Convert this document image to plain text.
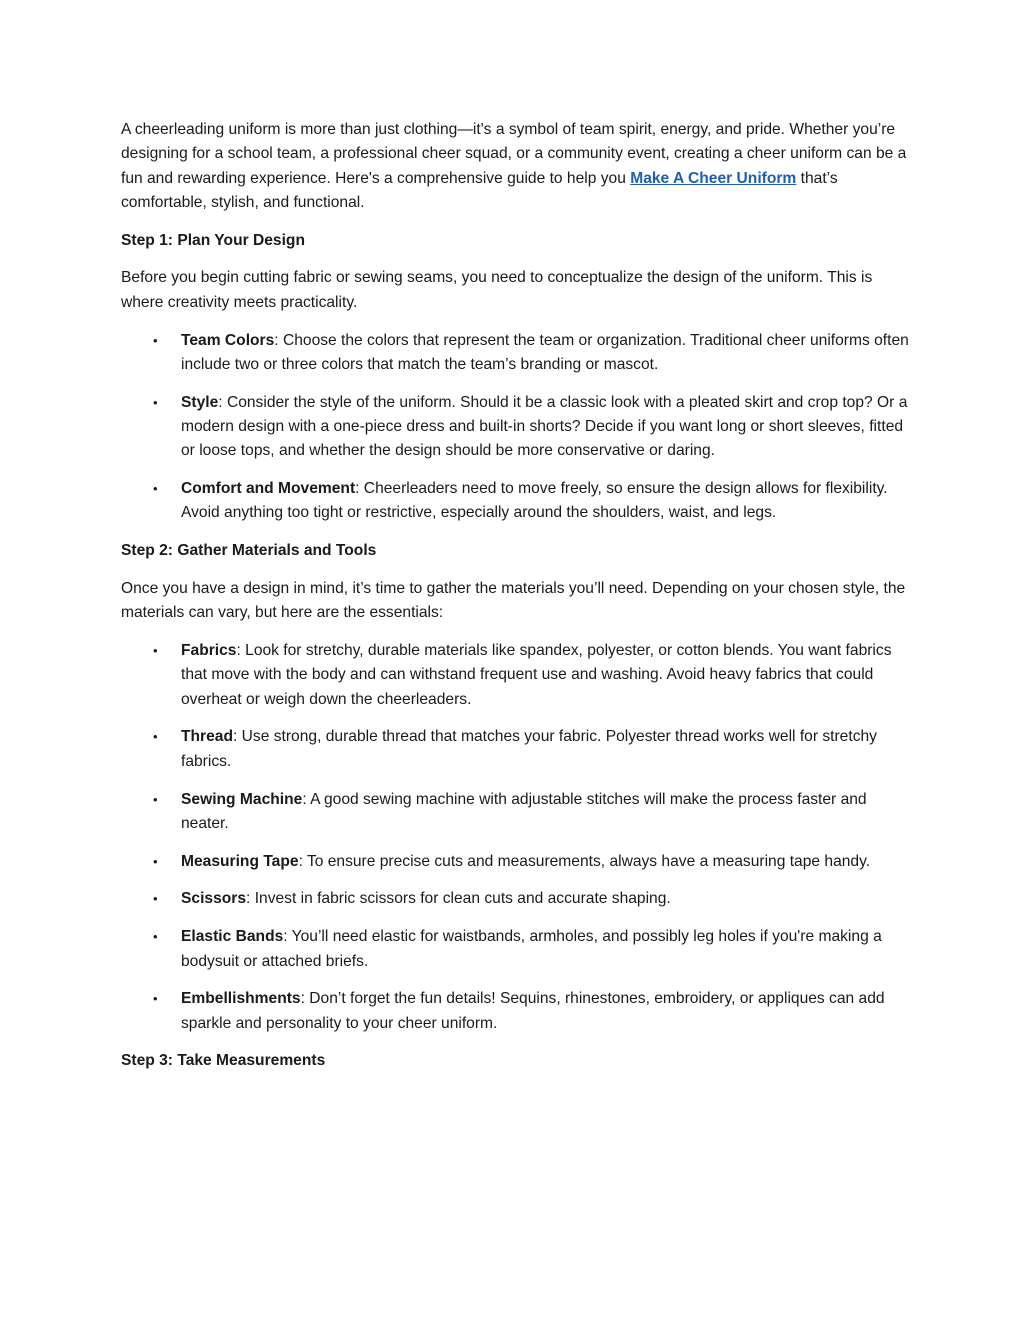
A cheerleading uniform is more than just clothing—it's a symbol of team spirit, energy, and pride. Whether you’re designing for a school team, a professional cheer squad, or a community event, creating a cheer uniform can be a fun and rewarding experience. Here's a comprehensive guide to help you Make A Cheer Uniform that’s comfortable, stylish, and functional.

Step 1: Plan Your Design

Before you begin cutting fabric or sewing seams, you need to conceptualize the design of the uniform. This is where creativity meets practicality.

• Team Colors: Choose the colors that represent the team or organization. Traditional cheer uniforms often include two or three colors that match the team’s branding or mascot.
• Style: Consider the style of the uniform. Should it be a classic look with a pleated skirt and crop top? Or a modern design with a one-piece dress and built-in shorts? Decide if you want long or short sleeves, fitted or loose tops, and whether the design should be more conservative or daring.
• Comfort and Movement: Cheerleaders need to move freely, so ensure the design allows for flexibility. Avoid anything too tight or restrictive, especially around the shoulders, waist, and legs.
Step 2: Gather Materials and Tools

Once you have a design in mind, it’s time to gather the materials you’ll need. Depending on your chosen style, the materials can vary, but here are the essentials:

• Fabrics: Look for stretchy, durable materials like spandex, polyester, or cotton blends. You want fabrics that move with the body and can withstand frequent use and washing. Avoid heavy fabrics that could overheat or weigh down the cheerleaders.
• Thread: Use strong, durable thread that matches your fabric. Polyester thread works well for stretchy fabrics.
• Sewing Machine: A good sewing machine with adjustable stitches will make the process faster and neater.
• Measuring Tape: To ensure precise cuts and measurements, always have a measuring tape handy.
• Scissors: Invest in fabric scissors for clean cuts and accurate shaping.
• Elastic Bands: You’ll need elastic for waistbands, armholes, and possibly leg holes if you're making a bodysuit or attached briefs.
• Embellishments: Don’t forget the fun details! Sequins, rhinestones, embroidery, or appliques can add sparkle and personality to your cheer uniform.
Step 3: Take Measurements
